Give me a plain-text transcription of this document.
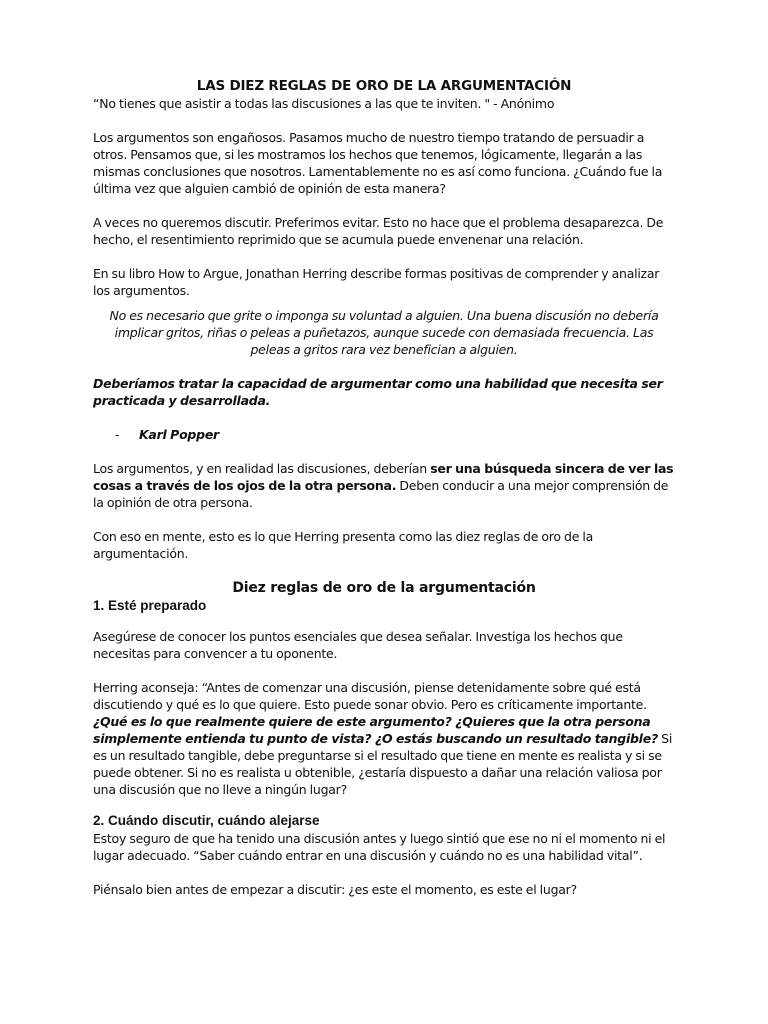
LAS DIEZ REGLAS DE ORO DE LA ARGUMENTACIÓN

“No tienes que asistir a todas las discusiones a las que te inviten. " - Anónimo

Los argumentos son engañosos. Pasamos mucho de nuestro tiempo tratando de persuadir a otros. Pensamos que, si les mostramos los hechos que tenemos, lógicamente, llegarán a las mismas conclusiones que nosotros. Lamentablemente no es así como funciona. ¿Cuándo fue la última vez que alguien cambió de opinión de esta manera?

A veces no queremos discutir. Preferimos evitar. Esto no hace que el problema desaparezca. De hecho, el resentimiento reprimido que se acumula puede envenenar una relación.

En su libro How to Argue, Jonathan Herring describe formas positivas de comprender y analizar los argumentos.

No es necesario que grite o imponga su voluntad a alguien. Una buena discusión no debería implicar gritos, riñas o peleas a puñetazos, aunque sucede con demasiada frecuencia. Las peleas a gritos rara vez benefician a alguien.

Deberíamos tratar la capacidad de argumentar como una habilidad que necesita ser practicada y desarrollada.

- Karl Popper

Los argumentos, y en realidad las discusiones, deberían ser una búsqueda sincera de ver las cosas a través de los ojos de la otra persona. Deben conducir a una mejor comprensión de la opinión de otra persona.

Con eso en mente, esto es lo que Herring presenta como las diez reglas de oro de la argumentación.

Diez reglas de oro de la argumentación
1. Esté preparado

Asegúrese de conocer los puntos esenciales que desea señalar. Investiga los hechos que necesitas para convencer a tu oponente.

Herring aconseja: “Antes de comenzar una discusión, piense detenidamente sobre qué está discutiendo y qué es lo que quiere. Esto puede sonar obvio. Pero es críticamente importante. ¿Qué es lo que realmente quiere de este argumento? ¿Quieres que la otra persona simplemente entienda tu punto de vista? ¿O estás buscando un resultado tangible? Si es un resultado tangible, debe preguntarse si el resultado que tiene en mente es realista y si se puede obtener. Si no es realista u obtenible, ¿estaría dispuesto a dañar una relación valiosa por una discusión que no lleve a ningún lugar?

2. Cuándo discutir, cuándo alejarse

Estoy seguro de que ha tenido una discusión antes y luego sintió que ese no ni el momento ni el lugar adecuado. “Saber cuándo entrar en una discusión y cuándo no es una habilidad vital”.

Piénsalo bien antes de empezar a discutir: ¿es este el momento, es este el lugar?
